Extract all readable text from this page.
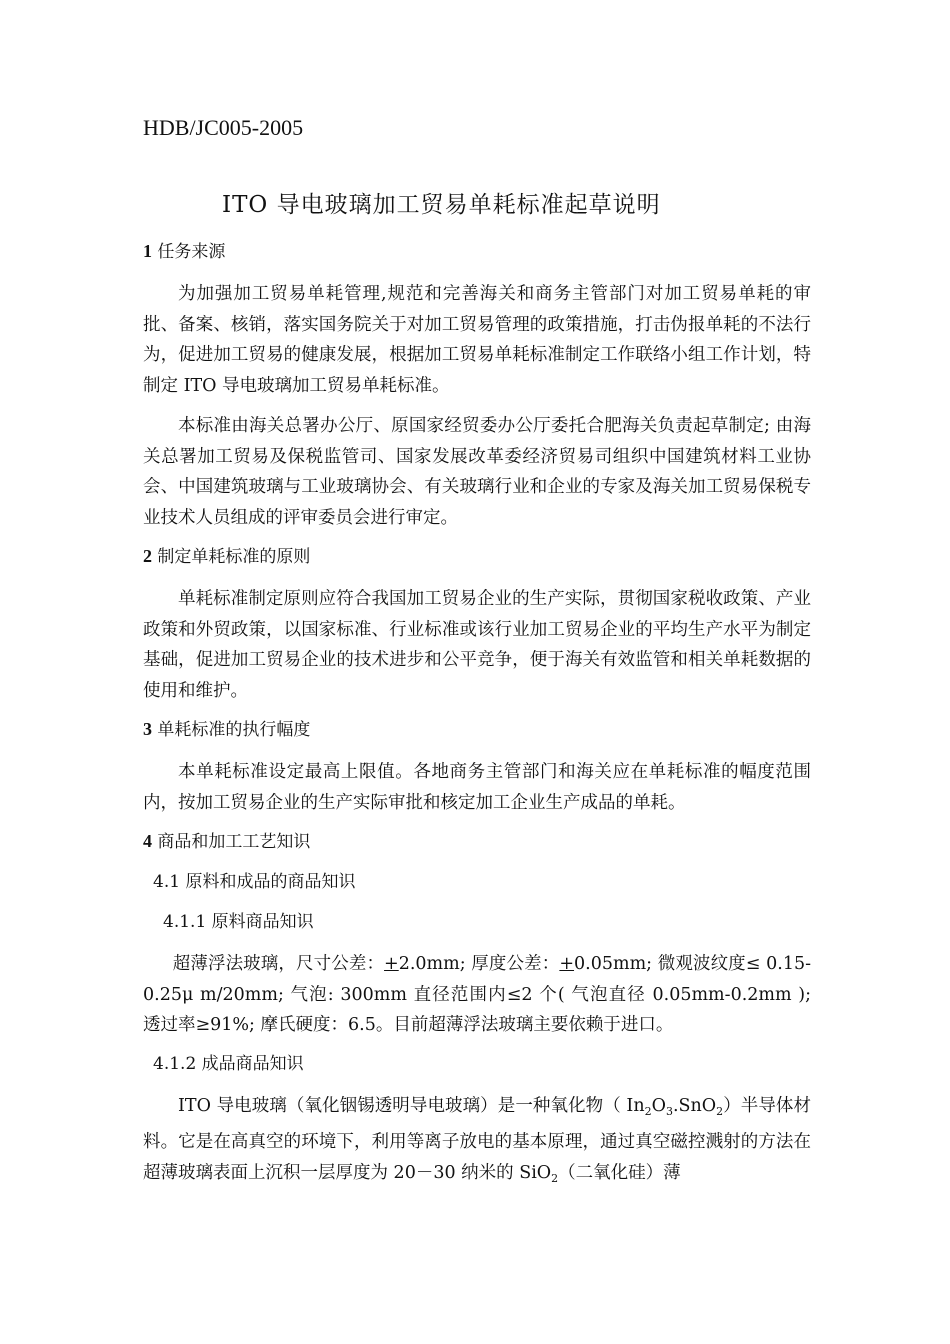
HDB/JC005-2005
ITO 导电玻璃加工贸易单耗标准起草说明
1 任务来源

为加强加工贸易单耗管理,规范和完善海关和商务主管部门对加工贸易单耗的审批、备案、核销，落实国务院关于对加工贸易管理的政策措施，打击伪报单耗的不法行为，促进加工贸易的健康发展，根据加工贸易单耗标准制定工作联络小组工作计划，特制定 ITO 导电玻璃加工贸易单耗标准。

本标准由海关总署办公厅、原国家经贸委办公厅委托合肥海关负责起草制定; 由海关总署加工贸易及保税监管司、国家发展改革委经济贸易司组织中国建筑材料工业协会、中国建筑玻璃与工业玻璃协会、有关玻璃行业和企业的专家及海关加工贸易保税专业技术人员组成的评审委员会进行审定。

2 制定单耗标准的原则

单耗标准制定原则应符合我国加工贸易企业的生产实际，贯彻国家税收政策、产业政策和外贸政策，以国家标准、行业标准或该行业加工贸易企业的平均生产水平为制定基础，促进加工贸易企业的技术进步和公平竞争，便于海关有效监管和相关单耗数据的使用和维护。

3 单耗标准的执行幅度

本单耗标准设定最高上限值。各地商务主管部门和海关应在单耗标准的幅度范围内，按加工贸易企业的生产实际审批和核定加工企业生产成品的单耗。

4 商品和加工工艺知识
4.1 原料和成品的商品知识
4.1.1 原料商品知识

超薄浮法玻璃，尺寸公差：+2.0mm; 厚度公差：+0.05mm; 微观波纹度≤ 0.15-0.25μ m/20mm; 气泡: 300mm 直径范围内≤2 个( 气泡直径 0.05mm-0.2mm ); 透过率≥91%; 摩氏硬度：6.5。目前超薄浮法玻璃主要依赖于进口。

4.1.2 成品商品知识

ITO 导电玻璃（氧化铟锡透明导电玻璃）是一种氧化物（ $In_2O_3.SnO_2$）半导体材料。它是在高真空的环境下，利用等离子放电的基本原理，通过真空磁控溅射的方法在超薄玻璃表面上沉积一层厚度为 20－30 纳米的 SiO$_2$（二氧化硅）薄
